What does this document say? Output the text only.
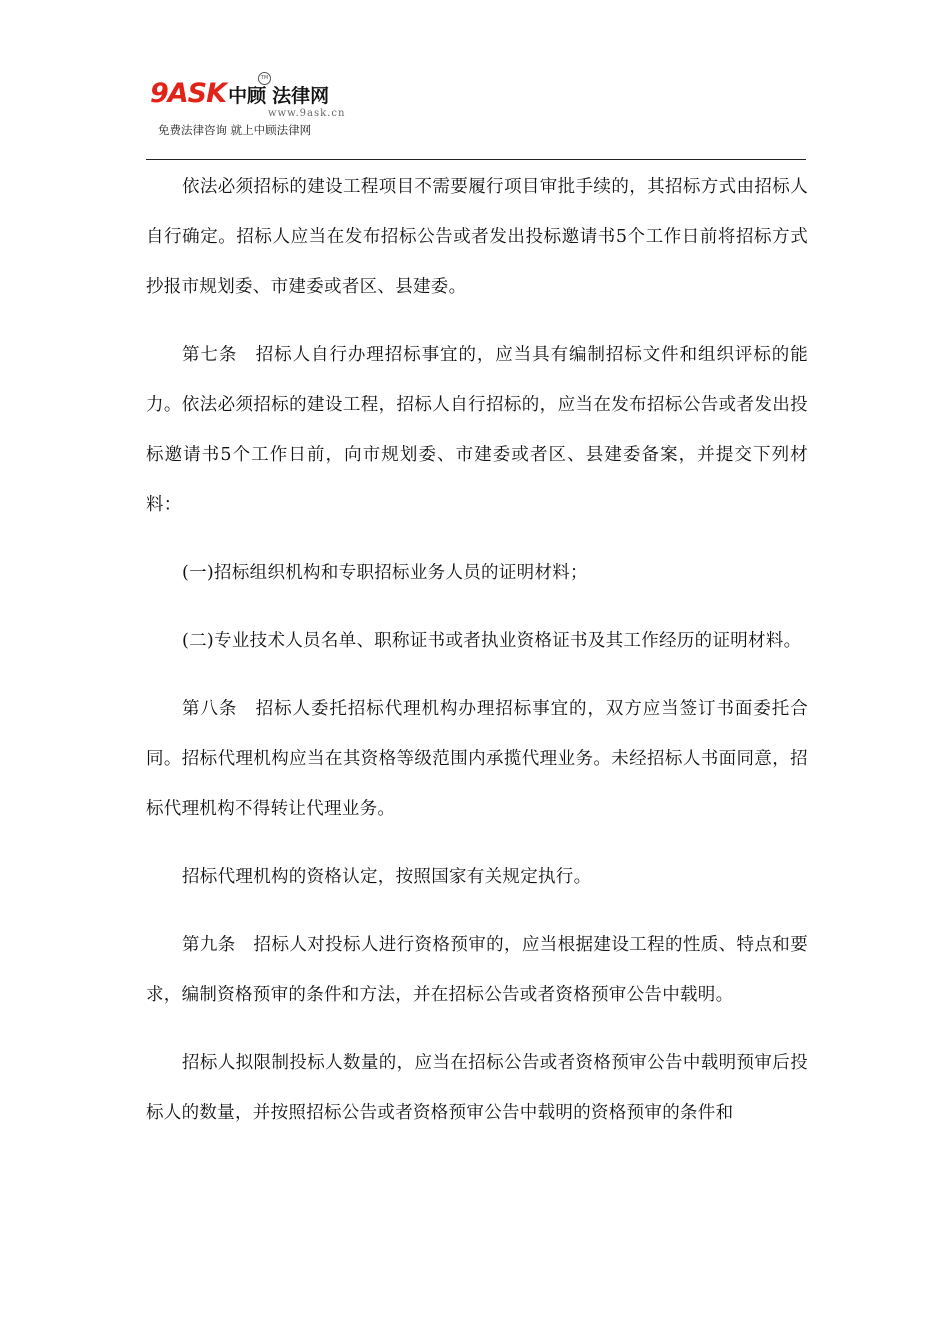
9ASK 中顾 法律网
TM
www.9ask.cn
免费法律咨询 就上中顾法律网

依法必须招标的建设工程项目不需要履行项目审批手续的，其招标方式由招标人自行确定。招标人应当在发布招标公告或者发出投标邀请书5个工作日前将招标方式抄报市规划委、市建委或者区、县建委。

第七条　招标人自行办理招标事宜的，应当具有编制招标文件和组织评标的能力。依法必须招标的建设工程，招标人自行招标的，应当在发布招标公告或者发出投标邀请书5个工作日前，向市规划委、市建委或者区、县建委备案，并提交下列材料：

(一)招标组织机构和专职招标业务人员的证明材料；

(二)专业技术人员名单、职称证书或者执业资格证书及其工作经历的证明材料。

第八条　招标人委托招标代理机构办理招标事宜的，双方应当签订书面委托合同。招标代理机构应当在其资格等级范围内承揽代理业务。未经招标人书面同意，招标代理机构不得转让代理业务。

招标代理机构的资格认定，按照国家有关规定执行。

第九条　招标人对投标人进行资格预审的，应当根据建设工程的性质、特点和要求，编制资格预审的条件和方法，并在招标公告或者资格预审公告中载明。

招标人拟限制投标人数量的，应当在招标公告或者资格预审公告中载明预审后投标人的数量，并按照招标公告或者资格预审公告中载明的资格预审的条件和
